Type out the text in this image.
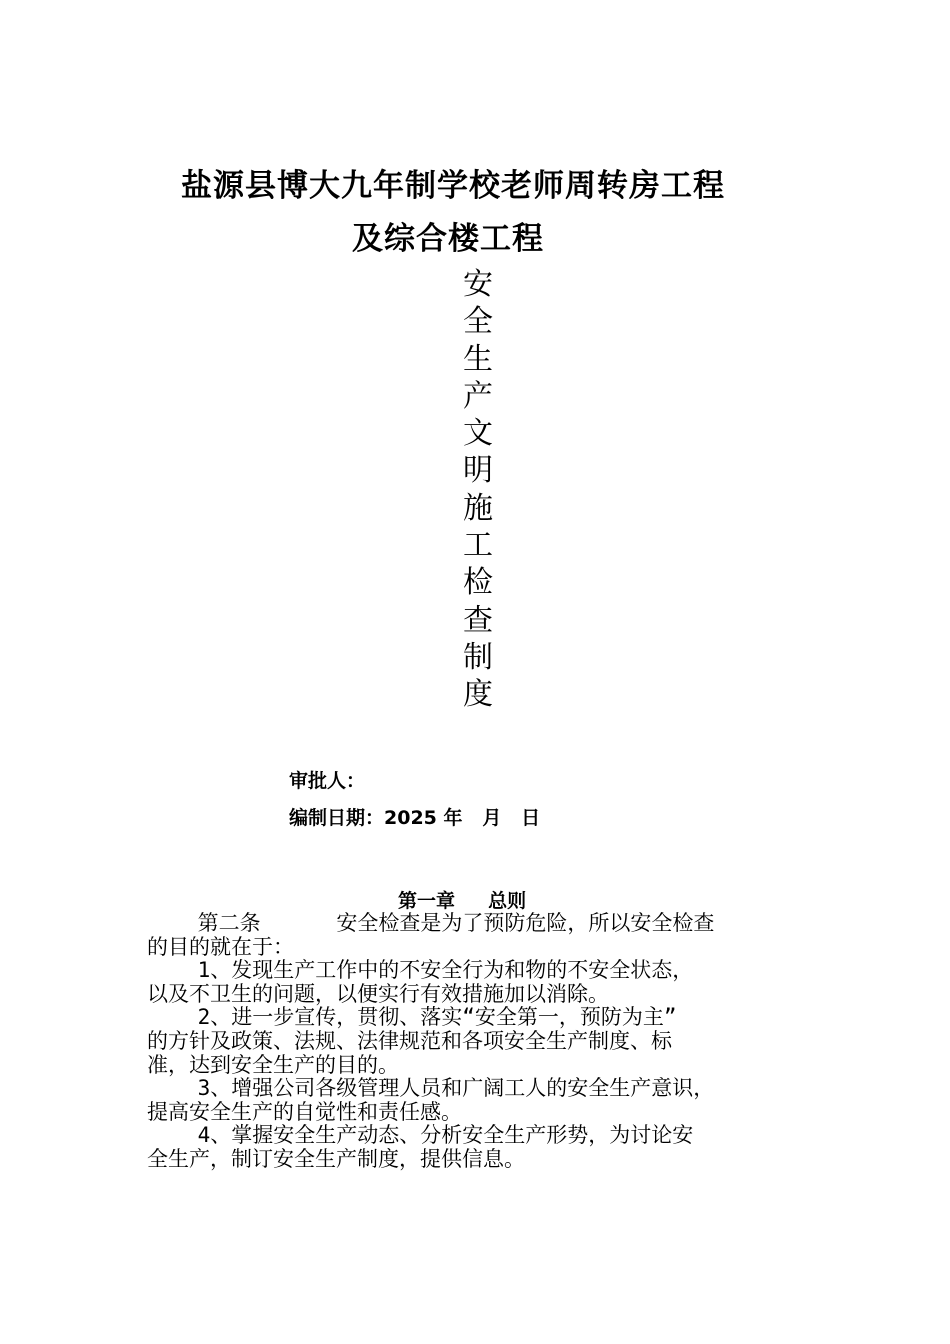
盐源县博大九年制学校老师周转房工程
及综合楼工程
安
全
生
产
文
明
施
工
检
查
制
度
审批人：
编制日期：2025 年   月   日
第一章     总则
第二条      安全检查是为了预防危险，所以安全检查
的目的就在于：
1、发现生产工作中的不安全行为和物的不安全状态，
以及不卫生的问题，以便实行有效措施加以消除。
2、进一步宣传，贯彻、落实“安全第一，预防为主”
的方针及政策、法规、法律规范和各项安全生产制度、标
准，达到安全生产的目的。
3、增强公司各级管理人员和广阔工人的安全生产意识，
提高安全生产的自觉性和责任感。
4、掌握安全生产动态、分析安全生产形势，为讨论安
全生产，制订安全生产制度，提供信息。
